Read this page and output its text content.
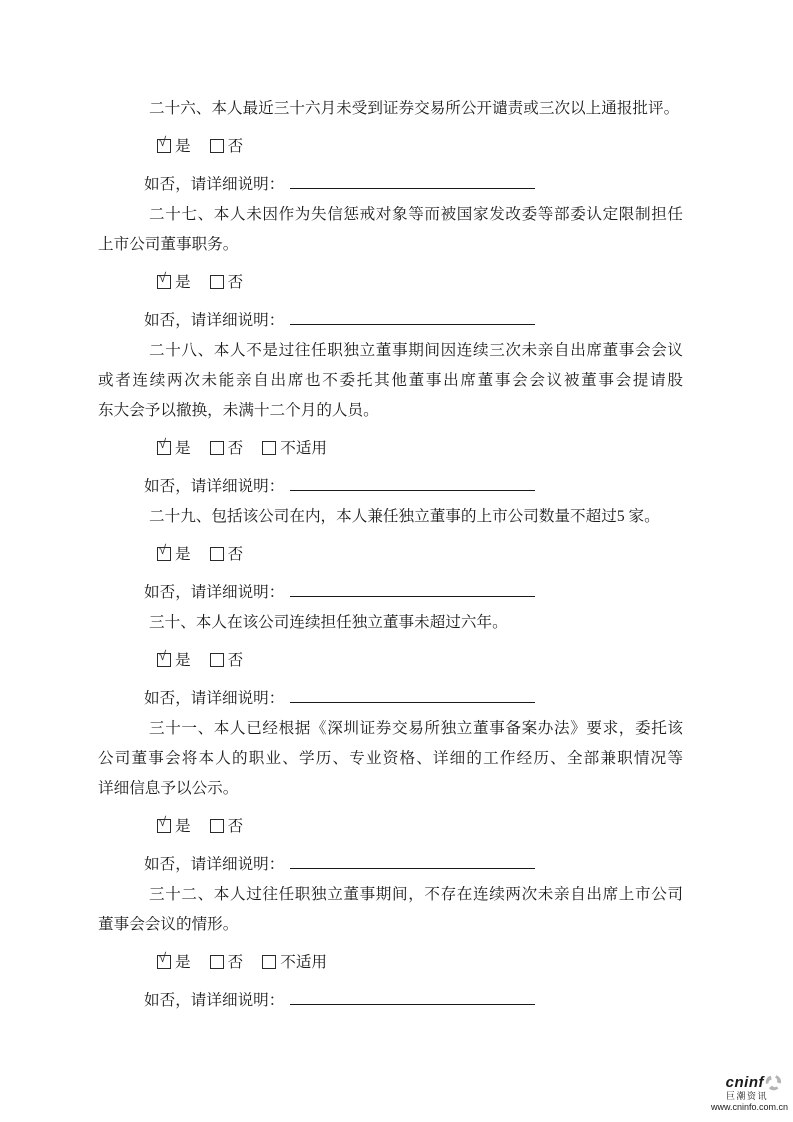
二十六、本人最近三十六月未受到证券交易所公开谴责或三次以上通报批评。
√是 否
如否，请详细说明：
二十七、本人未因作为失信惩戒对象等而被国家发改委等部委认定限制担任
上市公司董事职务。
√是 否
如否，请详细说明：
二十八、本人不是过往任职独立董事期间因连续三次未亲自出席董事会会议
或者连续两次未能亲自出席也不委托其他董事出席董事会会议被董事会提请股
东大会予以撤换，未满十二个月的人员。
√是 否 不适用
如否，请详细说明：
二十九、包括该公司在内，本人兼任独立董事的上市公司数量不超过5 家。
√是 否
如否，请详细说明：
三十、本人在该公司连续担任独立董事未超过六年。
√是 否
如否，请详细说明：
三十一、本人已经根据《深圳证券交易所独立董事备案办法》要求，委托该
公司董事会将本人的职业、学历、专业资格、详细的工作经历、全部兼职情况等
详细信息予以公示。
√是 否
如否，请详细说明：
三十二、本人过往任职独立董事期间，不存在连续两次未亲自出席上市公司
董事会会议的情形。
√是 否 不适用
如否，请详细说明：
cninf
巨潮资讯
www.cninfo.com.cn
